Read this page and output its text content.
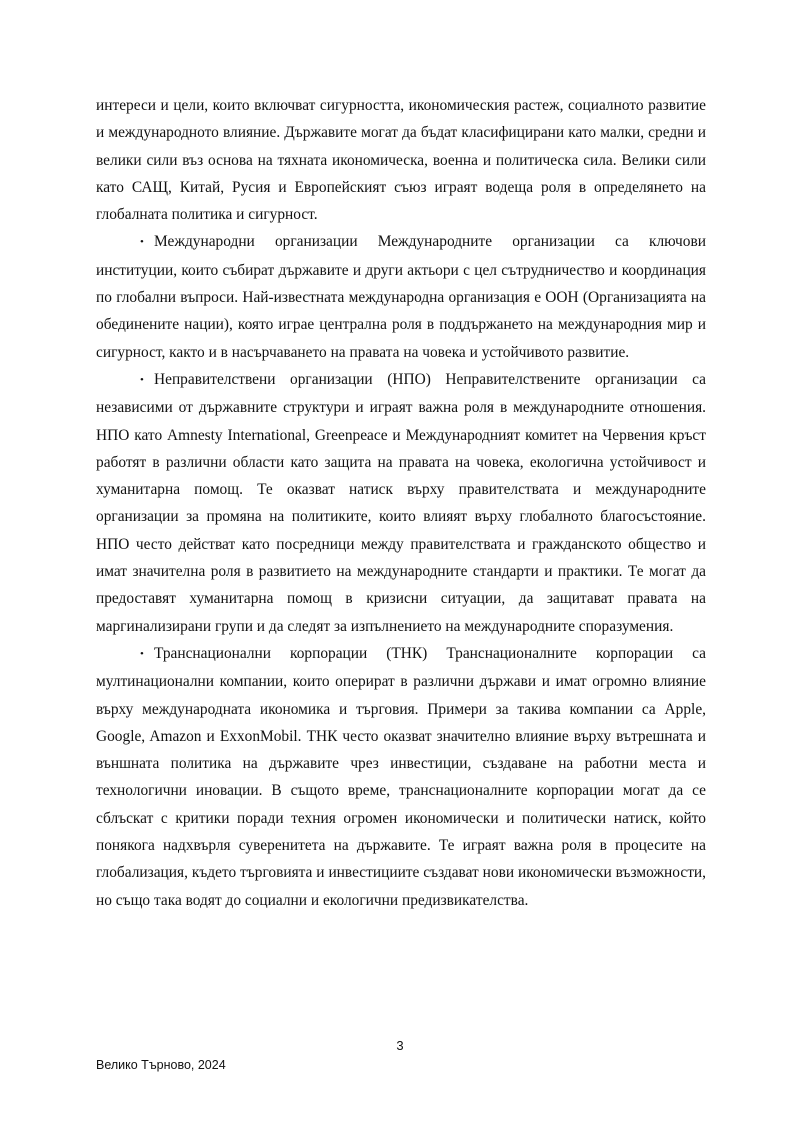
интереси и цели, които включват сигурността, икономическия растеж, социалното развитие и международното влияние. Държавите могат да бъдат класифицирани като малки, средни и велики сили въз основа на тяхната икономическа, военна и политическа сила. Велики сили като САЩ, Китай, Русия и Европейският съюз играят водеща роля в определянето на глобалната политика и сигурност.

• Международни организации Международните организации са ключови институции, които събират държавите и други актьори с цел сътрудничество и координация по глобални въпроси. Най-известната международна организация е ООН (Организацията на обединените нации), която играе централна роля в поддържането на международния мир и сигурност, както и в насърчаването на правата на човека и устойчивото развитие.

• Неправителствени организации (НПО) Неправителствените организации са независими от държавните структури и играят важна роля в международните отношения. НПО като Amnesty International, Greenpeace и Международният комитет на Червения кръст работят в различни области като защита на правата на човека, екологична устойчивост и хуманитарна помощ. Те оказват натиск върху правителствата и международните организации за промяна на политиките, които влияят върху глобалното благосъстояние. НПО често действат като посредници между правителствата и гражданското общество и имат значителна роля в развитието на международните стандарти и практики. Те могат да предоставят хуманитарна помощ в кризисни ситуации, да защитават правата на маргинализирани групи и да следят за изпълнението на международните споразумения.

• Транснационални корпорации (ТНК) Транснационалните корпорации са мултинационални компании, които оперират в различни държави и имат огромно влияние върху международната икономика и търговия. Примери за такива компании са Apple, Google, Amazon и ExxonMobil. ТНК често оказват значително влияние върху вътрешната и външната политика на държавите чрез инвестиции, създаване на работни места и технологични иновации. В същото време, транснационалните корпорации могат да се сблъскат с критики поради техния огромен икономически и политически натиск, който понякога надхвърля суверенитета на държавите. Те играят важна роля в процесите на глобализация, където търговията и инвестициите създават нови икономически възможности, но също така водят до социални и екологични предизвикателства.

3
Велико Търново, 2024
